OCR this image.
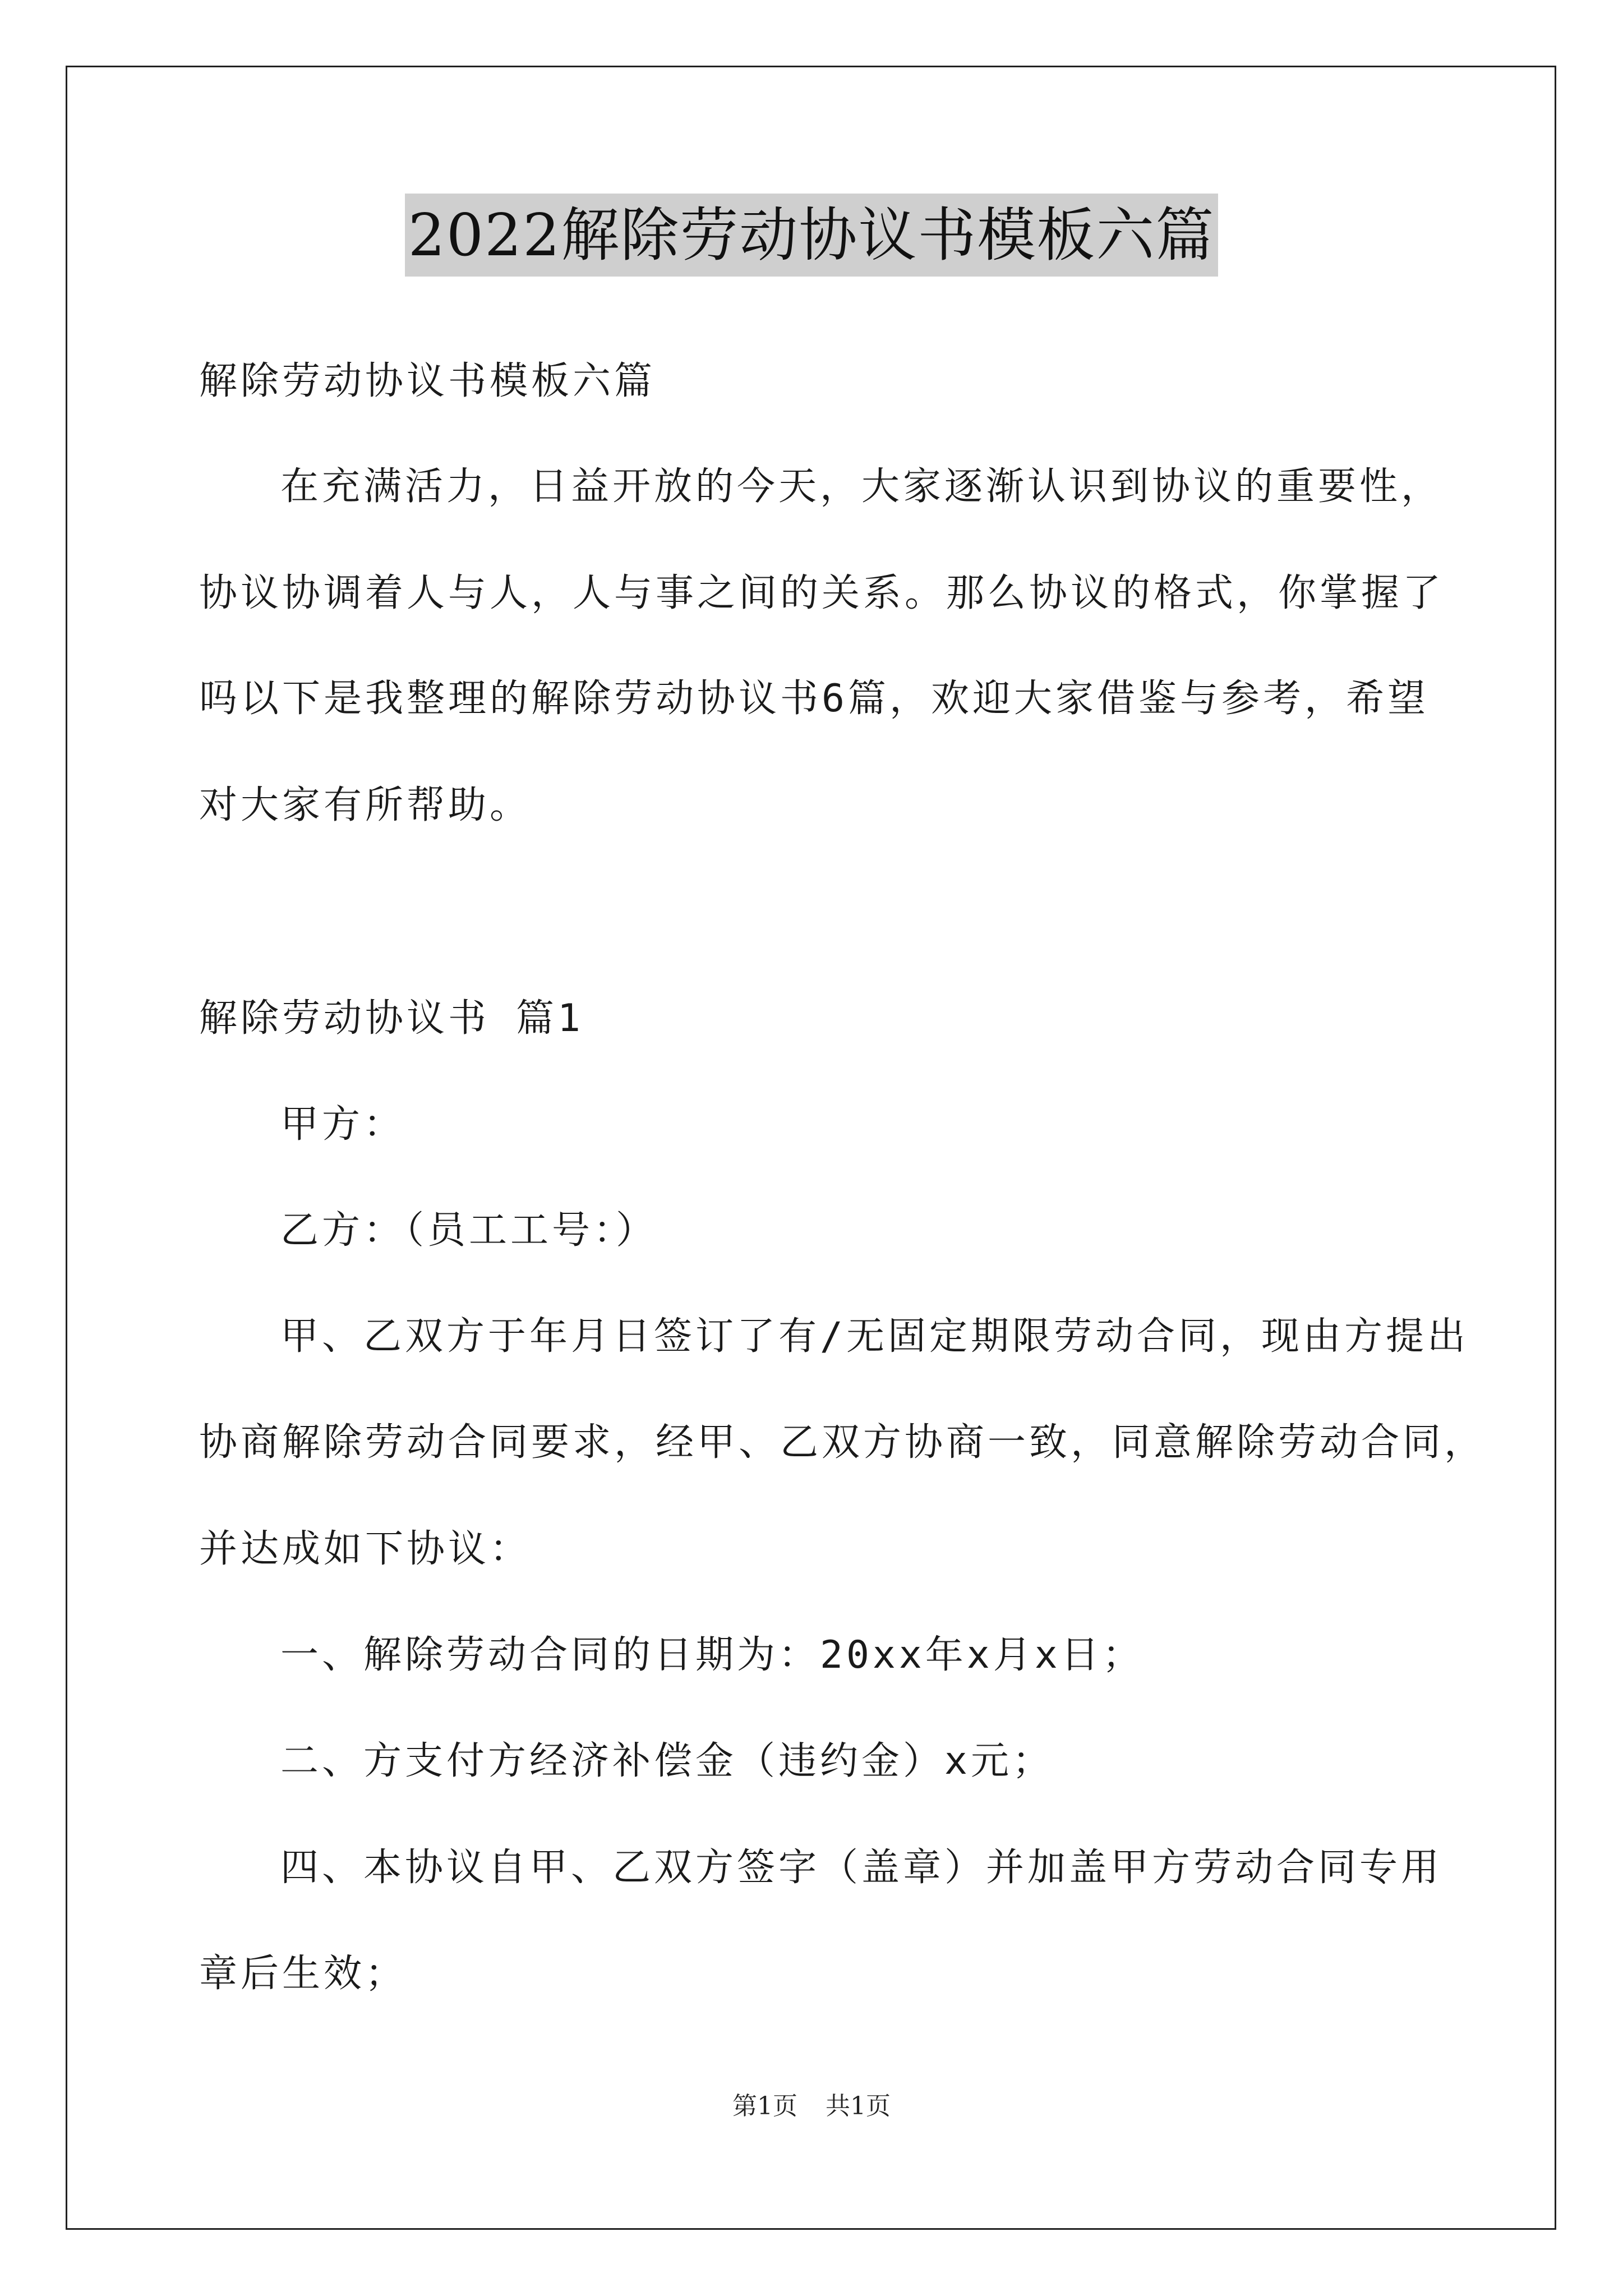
2022解除劳动协议书模板六篇
解除劳动协议书模板六篇
在充满活力，日益开放的今天，大家逐渐认识到协议的重要性，
协议协调着人与人，人与事之间的关系。那么协议的格式，你掌握了
吗以下是我整理的解除劳动协议书6篇，欢迎大家借鉴与参考，希望
对大家有所帮助。
解除劳动协议书 篇1
甲方：
乙方：（员工工号：）
甲、乙双方于年月日签订了有/无固定期限劳动合同，现由方提出
协商解除劳动合同要求，经甲、乙双方协商一致，同意解除劳动合同，
并达成如下协议：
一、解除劳动合同的日期为：20xx年x月x日；
二、方支付方经济补偿金（违约金）x元；
四、本协议自甲、乙双方签字（盖章）并加盖甲方劳动合同专用
章后生效；
第1页 共1页
